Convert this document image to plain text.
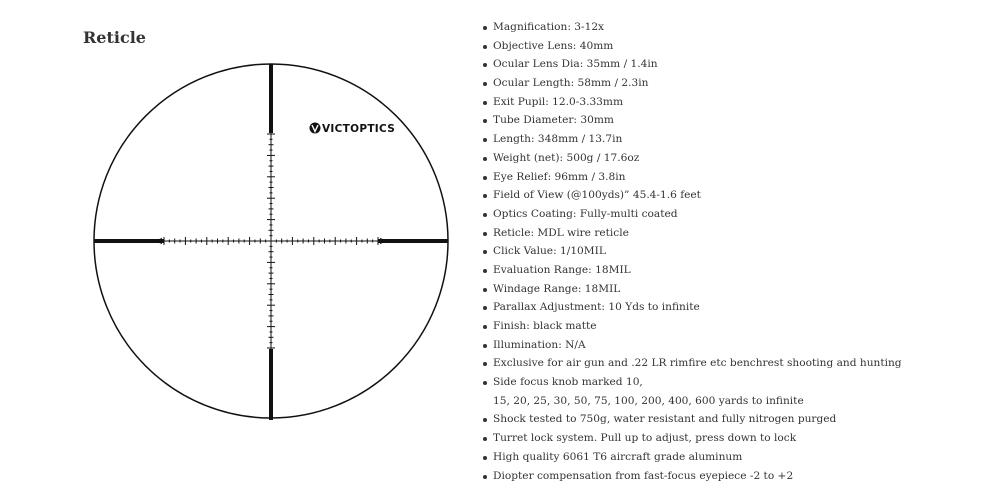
Reticle
VICTOPTICS
Magnification: 3-12x
Objective Lens: 40mm
Ocular Lens Dia: 35mm / 1.4in
Ocular Length: 58mm / 2.3in
Exit Pupil: 12.0-3.33mm
Tube Diameter: 30mm
Length: 348mm / 13.7in
Weight (net): 500g / 17.6oz
Eye Relief: 96mm / 3.8in
Field of View (@100yds)” 45.4-1.6 feet
Optics Coating: Fully-multi coated
Reticle: MDL wire reticle
Click Value: 1/10MIL
Evaluation Range: 18MIL
Windage Range: 18MIL
Parallax Adjustment: 10 Yds to infinite
Finish: black matte
Illumination: N/A
Exclusive for air gun and .22 LR rimfire etc benchrest shooting and hunting
Side focus knob marked 10,
15, 20, 25, 30, 50, 75, 100, 200, 400, 600 yards to infinite
Shock tested to 750g, water resistant and fully nitrogen purged
Turret lock system. Pull up to adjust, press down to lock
High quality 6061 T6 aircraft grade aluminum
Diopter compensation from fast-focus eyepiece -2 to +2
